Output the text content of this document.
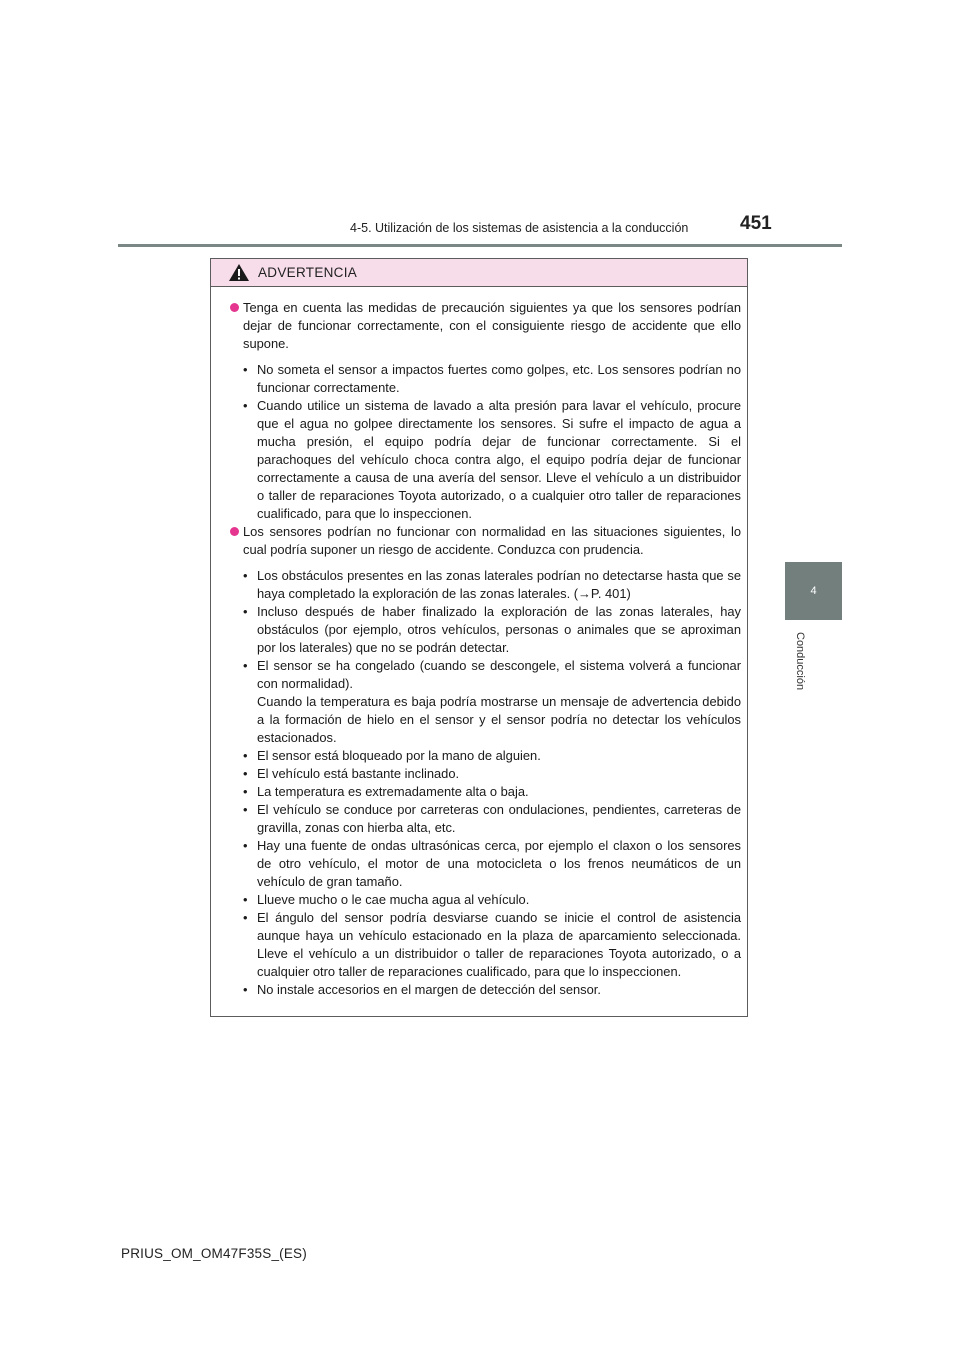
4-5. Utilización de los sistemas de asistencia a la conducción	451
4
Conducción
ADVERTENCIA
Tenga en cuenta las medidas de precaución siguientes ya que los sensores podrían dejar de funcionar correctamente, con el consiguiente riesgo de accidente que ello supone.
• No someta el sensor a impactos fuertes como golpes, etc. Los sensores podrían no funcionar correctamente.
• Cuando utilice un sistema de lavado a alta presión para lavar el vehículo, procure que el agua no golpee directamente los sensores. Si sufre el impacto de agua a mucha presión, el equipo podría dejar de funcionar correctamente. Si el parachoques del vehículo choca contra algo, el equipo podría dejar de funcionar correctamente a causa de una avería del sensor. Lleve el vehículo a un distribuidor o taller de reparaciones Toyota autorizado, o a cualquier otro taller de reparaciones cualificado, para que lo inspeccionen.
Los sensores podrían no funcionar con normalidad en las situaciones siguientes, lo cual podría suponer un riesgo de accidente. Conduzca con prudencia.
• Los obstáculos presentes en las zonas laterales podrían no detectarse hasta que se haya completado la exploración de las zonas laterales. (→P. 401)
• Incluso después de haber finalizado la exploración de las zonas laterales, hay obstáculos (por ejemplo, otros vehículos, personas o animales que se aproximan por los laterales) que no se podrán detectar.
• El sensor se ha congelado (cuando se descongele, el sistema volverá a funcionar con normalidad).
Cuando la temperatura es baja podría mostrarse un mensaje de advertencia debido a la formación de hielo en el sensor y el sensor podría no detectar los vehículos estacionados.
• El sensor está bloqueado por la mano de alguien.
• El vehículo está bastante inclinado.
• La temperatura es extremadamente alta o baja.
• El vehículo se conduce por carreteras con ondulaciones, pendientes, carreteras de gravilla, zonas con hierba alta, etc.
• Hay una fuente de ondas ultrasónicas cerca, por ejemplo el claxon o los sensores de otro vehículo, el motor de una motocicleta o los frenos neumáticos de un vehículo de gran tamaño.
• Llueve mucho o le cae mucha agua al vehículo.
• El ángulo del sensor podría desviarse cuando se inicie el control de asistencia aunque haya un vehículo estacionado en la plaza de aparcamiento seleccionada. Lleve el vehículo a un distribuidor o taller de reparaciones Toyota autorizado, o a cualquier otro taller de reparaciones cualificado, para que lo inspeccionen.
• No instale accesorios en el margen de detección del sensor.
PRIUS_OM_OM47F35S_(ES)
